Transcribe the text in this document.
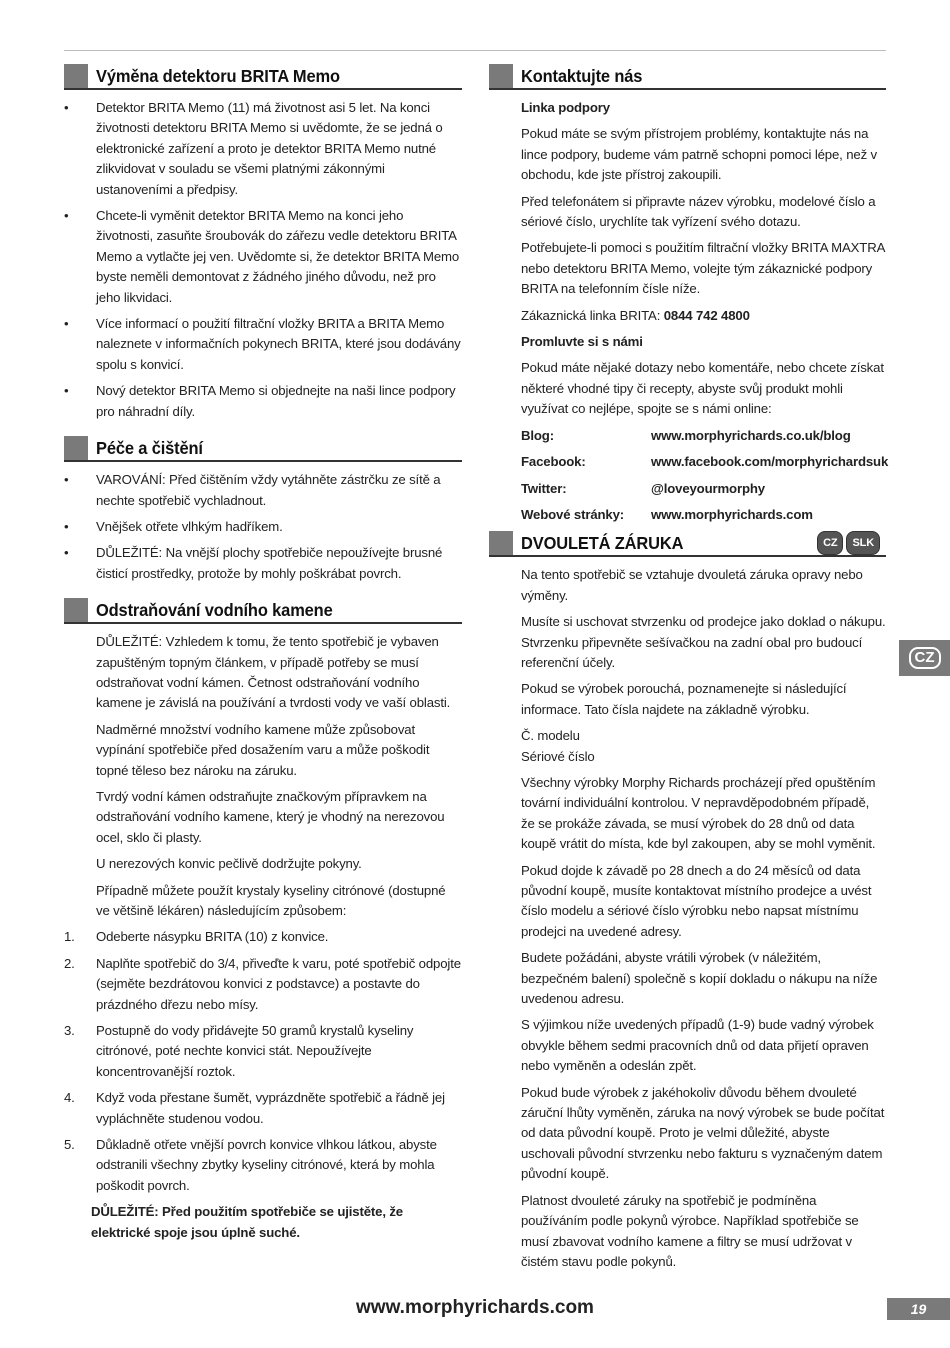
Výměna detektoru BRITA Memo
•	Detektor BRITA Memo (11) má životnost asi 5 let. Na konci životnosti detektoru BRITA Memo si uvědomte, že se jedná o elektronické zařízení a proto je detektor BRITA Memo nutné zlikvidovat v souladu se všemi platnými zákonnými ustanoveními a předpisy.
•	Chcete-li vyměnit detektor BRITA Memo na konci jeho životnosti, zasuňte šroubovák do zářezu vedle detektoru BRITA Memo a vytlačte jej ven. Uvědomte si, že detektor BRITA Memo byste neměli demontovat z žádného jiného důvodu, než pro jeho likvidaci.
•	Více informací o použití filtrační vložky BRITA a BRITA Memo naleznete v informačních pokynech BRITA, které jsou dodávány spolu s konvicí.
•	Nový detektor BRITA Memo si objednejte na naši lince podpory pro náhradní díly.
Péče a čištění
•	VAROVÁNÍ: Před čištěním vždy vytáhněte zástrčku ze sítě a nechte spotřebič vychladnout.
•	Vnějšek otřete vlhkým hadříkem.
•	DŮLEŽITÉ: Na vnější plochy spotřebiče nepoužívejte brusné čisticí prostředky, protože by mohly poškrábat povrch.
Odstraňování vodního kamene
DŮLEŽITÉ: Vzhledem k tomu, že tento spotřebič je vybaven zapuštěným topným článkem, v případě potřeby se musí odstraňovat vodní kámen. Četnost odstraňování vodního kamene je závislá na používání a tvrdosti vody ve vaší oblasti.
Nadměrné množství vodního kamene může způsobovat vypínání spotřebiče před dosažením varu a může poškodit topné těleso bez nároku na záruku.
Tvrdý vodní kámen odstraňujte značkovým přípravkem na odstraňování vodního kamene, který je vhodný na nerezovou ocel, sklo či plasty.
U nerezových konvic pečlivě dodržujte pokyny.
Případně můžete použít krystaly kyseliny citrónové (dostupné ve většině lékáren) následujícím způsobem:
1.	Odeberte násypku BRITA (10) z konvice.
2.	Naplňte spotřebič do 3/4, přiveďte k varu, poté spotřebič odpojte (sejměte bezdrátovou konvici z podstavce) a postavte do prázdného dřezu nebo mísy.
3.	Postupně do vody přidávejte 50 gramů krystalů kyseliny citrónové, poté nechte konvici stát. Nepoužívejte koncentrovanější roztok.
4.	Když voda přestane šumět, vyprázdněte spotřebič a řádně jej vypláchněte studenou vodou.
5.	Důkladně otřete vnější povrch konvice vlhkou látkou, abyste odstranili všechny zbytky kyseliny citrónové, která by mohla poškodit povrch.
DŮLEŽITÉ: Před použitím spotřebiče se ujistěte, že elektrické spoje jsou úplně suché.
Kontaktujte nás
Linka podpory
Pokud máte se svým přístrojem problémy, kontaktujte nás na lince podpory, budeme vám patrně schopni pomoci lépe, než v obchodu, kde jste přístroj zakoupili.
Před telefonátem si připravte název výrobku, modelové číslo a sériové číslo, urychlíte tak vyřízení svého dotazu.
Potřebujete-li pomoci s použitím filtrační vložky BRITA MAXTRA nebo detektoru BRITA Memo, volejte tým zákaznické podpory BRITA na telefonním čísle níže.
Zákaznická linka BRITA: 0844 742 4800
Promluvte si s námi
Pokud máte nějaké dotazy nebo komentáře, nebo chcete získat některé vhodné tipy či recepty, abyste svůj produkt mohli využívat co nejlépe, spojte se s námi online:
Blog:	www.morphyrichards.co.uk/blog
Facebook:	www.facebook.com/morphyrichardsuk
Twitter:	@loveyourmorphy
Webové stránky:	www.morphyrichards.com
DVOULETÁ ZÁRUKA	CZ	SLK
Na tento spotřebič se vztahuje dvouletá záruka opravy nebo výměny.
Musíte si uschovat stvrzenku od prodejce jako doklad o nákupu. Stvrzenku připevněte sešívačkou na zadní obal pro budoucí referenční účely.
Pokud se výrobek porouchá, poznamenejte si následující informace. Tato čísla najdete na základně výrobku.
Č. modelu
Sériové číslo
Všechny výrobky Morphy Richards procházejí před opuštěním tovární individuální kontrolou. V nepravděpodobném případě, že se prokáže závada, se musí výrobek do 28 dnů od data koupě vrátit do místa, kde byl zakoupen, aby se mohl vyměnit.
Pokud dojde k závadě po 28 dnech a do 24 měsíců od data původní koupě, musíte kontaktovat místního prodejce a uvést číslo modelu a sériové číslo výrobku nebo napsat místnímu prodejci na uvedené adresy.
Budete požádáni, abyste vrátili výrobek (v náležitém, bezpečném balení) společně s kopií dokladu o nákupu na níže uvedenou adresu.
S výjimkou níže uvedených případů (1-9) bude vadný výrobek obvykle během sedmi pracovních dnů od data přijetí opraven nebo vyměněn a odeslán zpět.
Pokud bude výrobek z jakéhokoliv důvodu během dvouleté záruční lhůty vyměněn, záruka na nový výrobek se bude počítat od data původní koupě. Proto je velmi důležité, abyste uschovali původní stvrzenku nebo fakturu s vyznačeným datem původní koupě.
Platnost dvouleté záruky na spotřebič je podmíněna používáním podle pokynů výrobce. Například spotřebiče se musí zbavovat vodního kamene a filtry se musí udržovat v čistém stavu podle pokynů.
CZ
www.morphyrichards.com	19
